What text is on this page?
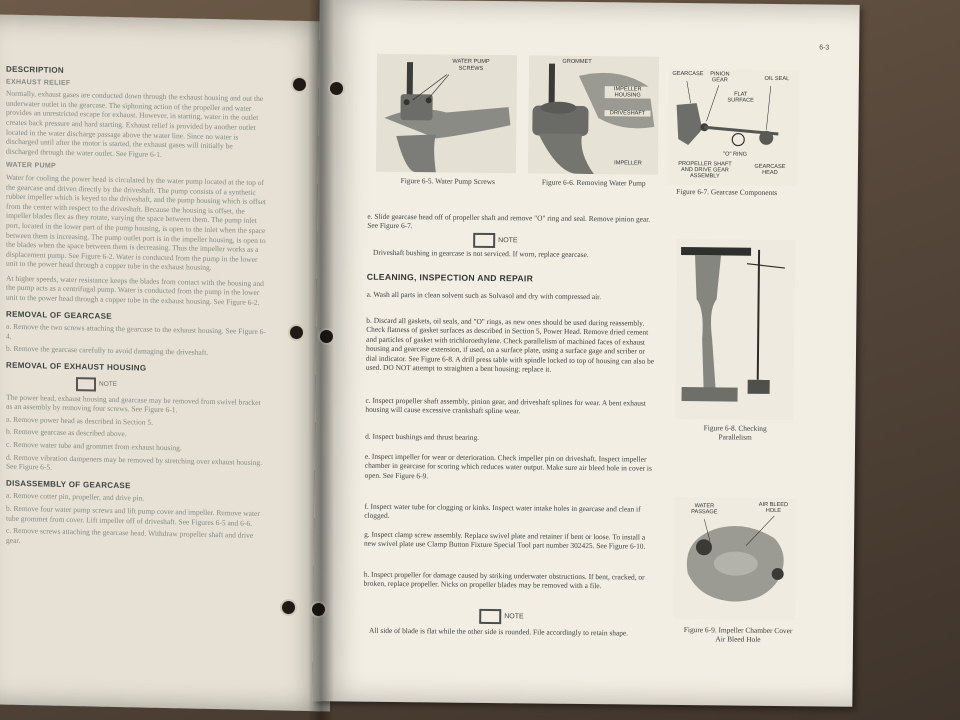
DESCRIPTION
EXHAUST RELIEF
Normally, exhaust gases are conducted down through the exhaust housing and out the underwater outlet in the gearcase. The siphoning action of the propeller and water provides an unrestricted escape for exhaust. However, in starting, water in the outlet creates back pressure and hard starting. Exhaust relief is provided by another outlet located in the water discharge passage above the water line. Since no water is discharged until after the motor is started, the exhaust gases will initially be discharged through the water outlet. See Figure 6-1.
WATER PUMP
Water for cooling the power head is circulated by the water pump located at the top of the gearcase and driven directly by the driveshaft. The pump consists of a synthetic rubber impeller which is keyed to the driveshaft, and the pump housing which is offset from the center with respect to the driveshaft. Because the housing is offset, the impeller blades flex as they rotate, varying the space between them. The pump inlet port, located in the lower part of the pump housing, is open to the inlet when the space between them is increasing. The pump outlet port is in the impeller housing, is open to the blades when the space between them is decreasing. Thus the impeller works as a displacement pump. See Figure 6-2. Water is conducted from the pump in the lower unit to the power head through a copper tube in the exhaust housing.
At higher speeds, water resistance keeps the blades from contact with the housing and the pump acts as a centrifugal pump. Water is conducted from the pump in the lower unit to the power head through a copper tube in the exhaust housing. See Figure 6-2.
REMOVAL OF GEARCASE
a. Remove the two screws attaching the gearcase to the exhaust housing. See Figure 6-4.
b. Remove the gearcase carefully to avoid damaging the driveshaft.
REMOVAL OF EXHAUST HOUSING
NOTE
The power head, exhaust housing and gearcase may be removed from swivel bracket as an assembly by removing four screws. See Figure 6-1.
a. Remove power head as described in Section 5.
b. Remove gearcase as described above.
c. Remove water tube and grommet from exhaust housing.
d. Remove vibration dampeners may be removed by stretching over exhaust housing. See Figure 6-5.
DISASSEMBLY OF GEARCASE
a. Remove cotter pin, propeller, and drive pin.
b. Remove four water pump screws and lift pump cover and impeller. Remove water tube grommet from cover. Lift impeller off of driveshaft. See Figures 6-5 and 6-6.
c. Remove screws attaching the gearcase head. Withdraw propeller shaft and drive gear.
6-3
WATER PUMP
SCREWS
Figure 6-5. Water Pump Screws
GROMMET
IMPELLER HOUSING
DRIVESHAFT
IMPELLER
Figure 6-6. Removing Water Pump
GEARCASE	PINION GEAR
FLAT SURFACE
OIL SEAL
"O" RING
PROPELLER SHAFT AND DRIVE GEAR ASSEMBLY
GEARCASE HEAD
Figure 6-7. Gearcase Components
e. Slide gearcase head off of propeller shaft and remove "O" ring and seal. Remove pinion gear. See Figure 6-7.
NOTE
Driveshaft bushing in gearcase is not serviced. If worn, replace gearcase.
CLEANING, INSPECTION AND REPAIR
a. Wash all parts in clean solvent such as Solvasol and dry with compressed air.
b. Discard all gaskets, oil seals, and "O" rings, as new ones should be used during reassembly. Check flatness of gasket surfaces as described in Section 5, Power Head. Remove dried cement and particles of gasket with trichloroethylene. Check parallelism of machined faces of exhaust housing and gearcase extension, if used, on a surface plate, using a surface gage and scriber or dial indicator. See Figure 6-8. A drill press table with spindle locked to top of housing can also be used. DO NOT attempt to straighten a bent housing; replace it.
c. Inspect propeller shaft assembly, pinion gear, and driveshaft splines for wear. A bent exhaust housing will cause excessive crankshaft spline wear.
d. Inspect bushings and thrust bearing.
e. Inspect impeller for wear or deterioration. Check impeller pin on driveshaft. Inspect impeller chamber in gearcase for scoring which reduces water output. Make sure air bleed hole in cover is open. See Figure 6-9.
f. Inspect water tube for clogging or kinks. Inspect water intake holes in gearcase and clean if clogged.
g. Inspect clamp screw assembly. Replace swivel plate and retainer if bent or loose. To install a new swivel plate use Clamp Button Fixture Special Tool part number 302425. See Figure 6-10.
h. Inspect propeller for damage caused by striking underwater obstructions. If bent, cracked, or broken, replace propeller. Nicks on propeller blades may be removed with a file.
NOTE
All side of blade is flat while the other side is rounded. File accordingly to retain shape.
Figure 6-8. Checking Parallelism
WATER PASSAGE
AIR BLEED HOLE
Figure 6-9. Impeller Chamber Cover Air Bleed Hole
